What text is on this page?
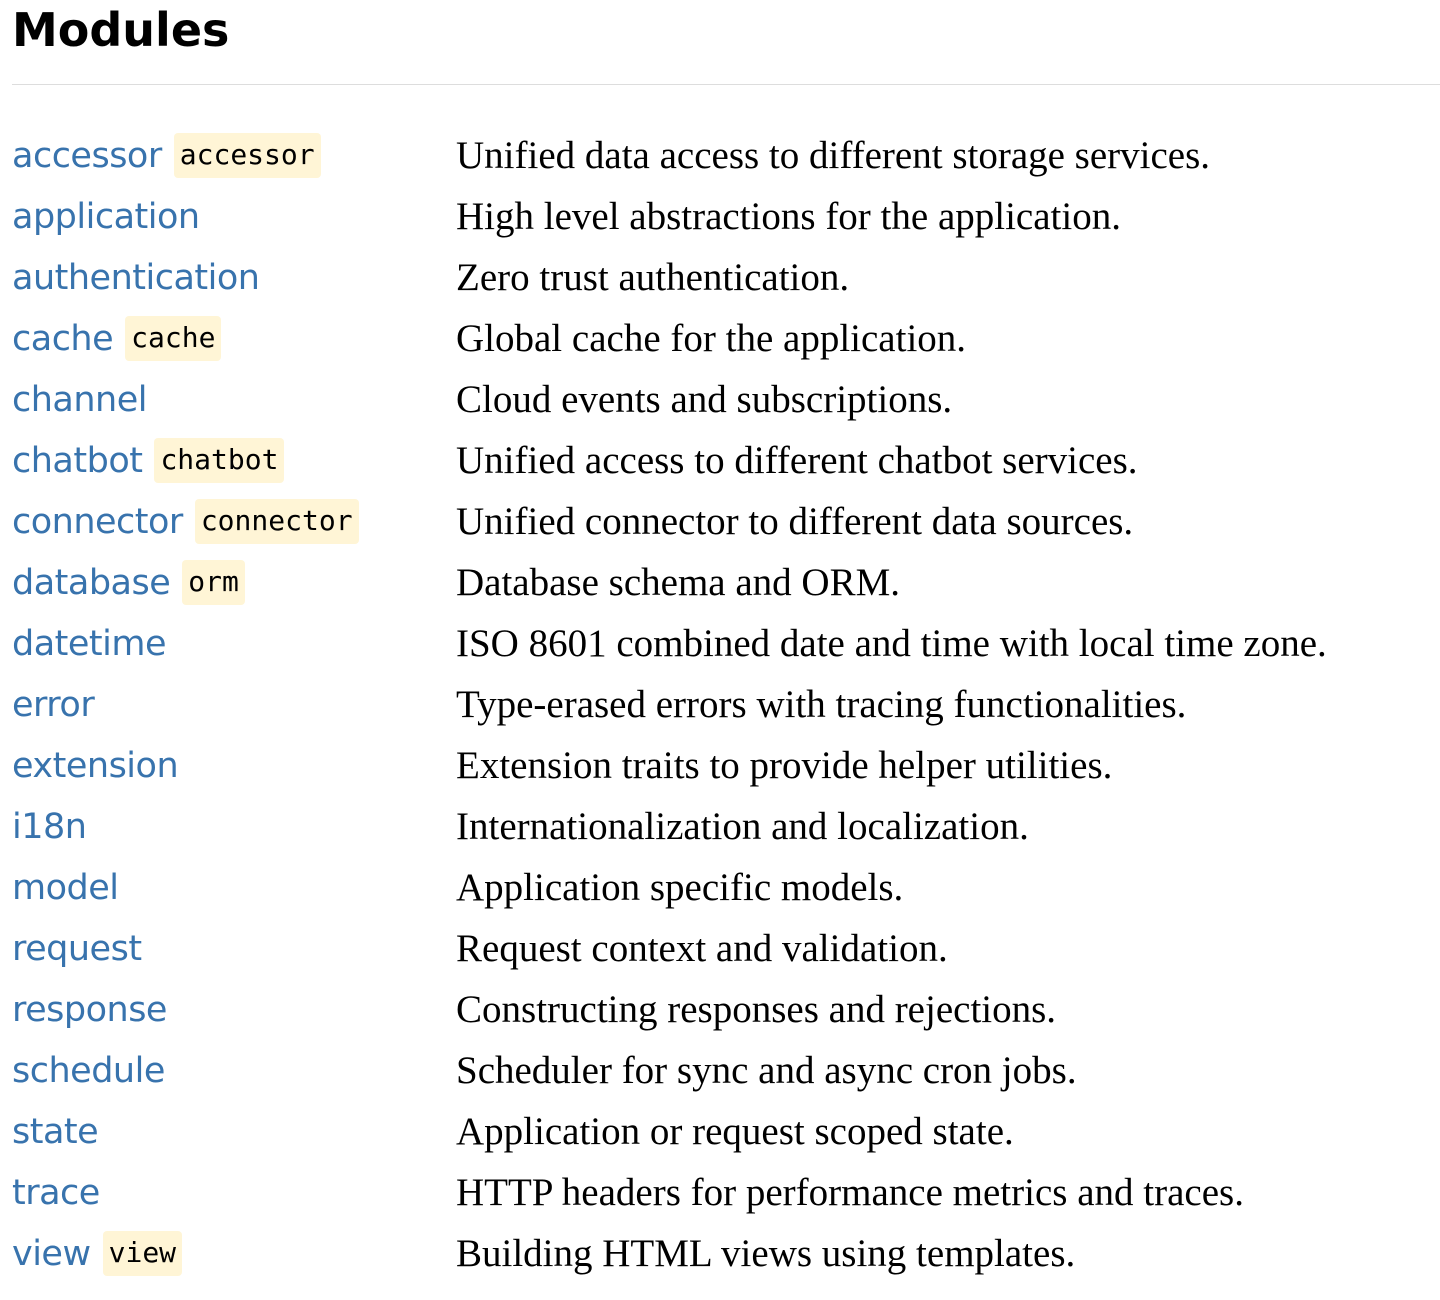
Modules
accessor accessor	Unified data access to different storage services.
application	High level abstractions for the application.
authentication	Zero trust authentication.
cache cache	Global cache for the application.
channel	Cloud events and subscriptions.
chatbot chatbot	Unified access to different chatbot services.
connector connector	Unified connector to different data sources.
database orm	Database schema and ORM.
datetime	ISO 8601 combined date and time with local time zone.
error	Type-erased errors with tracing functionalities.
extension	Extension traits to provide helper utilities.
i18n	Internationalization and localization.
model	Application specific models.
request	Request context and validation.
response	Constructing responses and rejections.
schedule	Scheduler for sync and async cron jobs.
state	Application or request scoped state.
trace	HTTP headers for performance metrics and traces.
view view	Building HTML views using templates.
